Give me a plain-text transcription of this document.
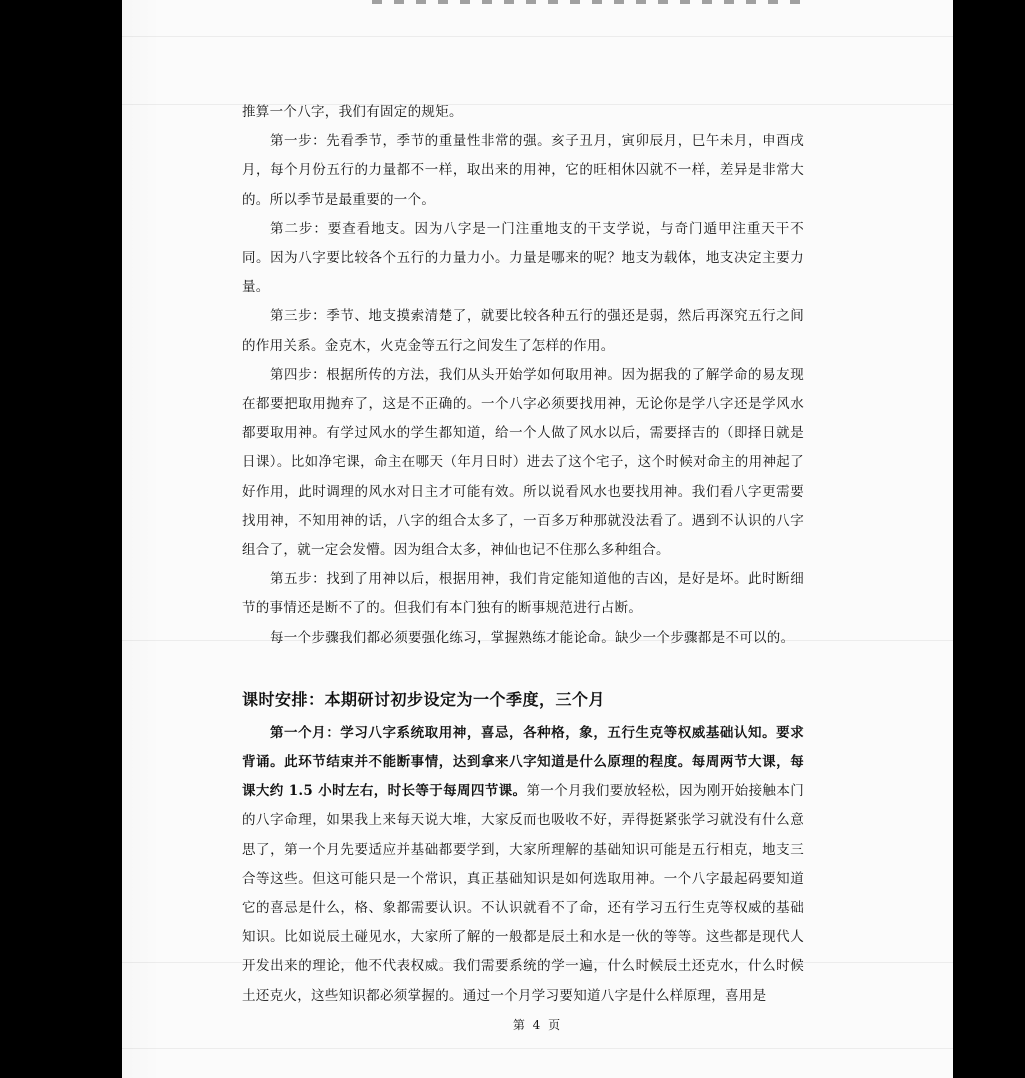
推算一个八字，我们有固定的规矩。

第一步：先看季节，季节的重量性非常的强。亥子丑月，寅卯辰月，巳午未月，申酉戌月，每个月份五行的力量都不一样，取出来的用神，它的旺相休囚就不一样，差异是非常大的。所以季节是最重要的一个。

第二步：要查看地支。因为八字是一门注重地支的干支学说，与奇门遁甲注重天干不同。因为八字要比较各个五行的力量力小。力量是哪来的呢？地支为载体，地支决定主要力量。

第三步：季节、地支摸索清楚了，就要比较各种五行的强还是弱，然后再深究五行之间的作用关系。金克木，火克金等五行之间发生了怎样的作用。

第四步：根据所传的方法，我们从头开始学如何取用神。因为据我的了解学命的易友现在都要把取用抛弃了，这是不正确的。一个八字必须要找用神，无论你是学八字还是学风水都要取用神。有学过风水的学生都知道，给一个人做了风水以后，需要择吉的（即择日就是日课）。比如净宅课，命主在哪天（年月日时）进去了这个宅子，这个时候对命主的用神起了好作用，此时调理的风水对日主才可能有效。所以说看风水也要找用神。我们看八字更需要找用神，不知用神的话，八字的组合太多了，一百多万种那就没法看了。遇到不认识的八字组合了，就一定会发懵。因为组合太多，神仙也记不住那么多种组合。

第五步：找到了用神以后，根据用神，我们肯定能知道他的吉凶，是好是坏。此时断细节的事情还是断不了的。但我们有本门独有的断事规范进行占断。

每一个步骤我们都必须要强化练习，掌握熟练才能论命。缺少一个步骤都是不可以的。

课时安排：本期研讨初步设定为一个季度，三个月

第一个月：学习八字系统取用神，喜忌，各种格，象，五行生克等权威基础认知。要求背诵。此环节结束并不能断事情，达到拿来八字知道是什么原理的程度。每周两节大课，每课大约 1.5 小时左右，时长等于每周四节课。第一个月我们要放轻松，因为刚开始接触本门的八字命理，如果我上来每天说大堆，大家反而也吸收不好，弄得挺紧张学习就没有什么意思了，第一个月先要适应并基础都要学到，大家所理解的基础知识可能是五行相克，地支三合等这些。但这可能只是一个常识，真正基础知识是如何选取用神。一个八字最起码要知道它的喜忌是什么，格、象都需要认识。不认识就看不了命，还有学习五行生克等权威的基础知识。比如说辰土碰见水，大家所了解的一般都是辰土和水是一伙的等等。这些都是现代人开发出来的理论，他不代表权威。我们需要系统的学一遍，什么时候辰土还克水，什么时候土还克火，这些知识都必须掌握的。通过一个月学习要知道八字是什么样原理，喜用是

第 4 页
